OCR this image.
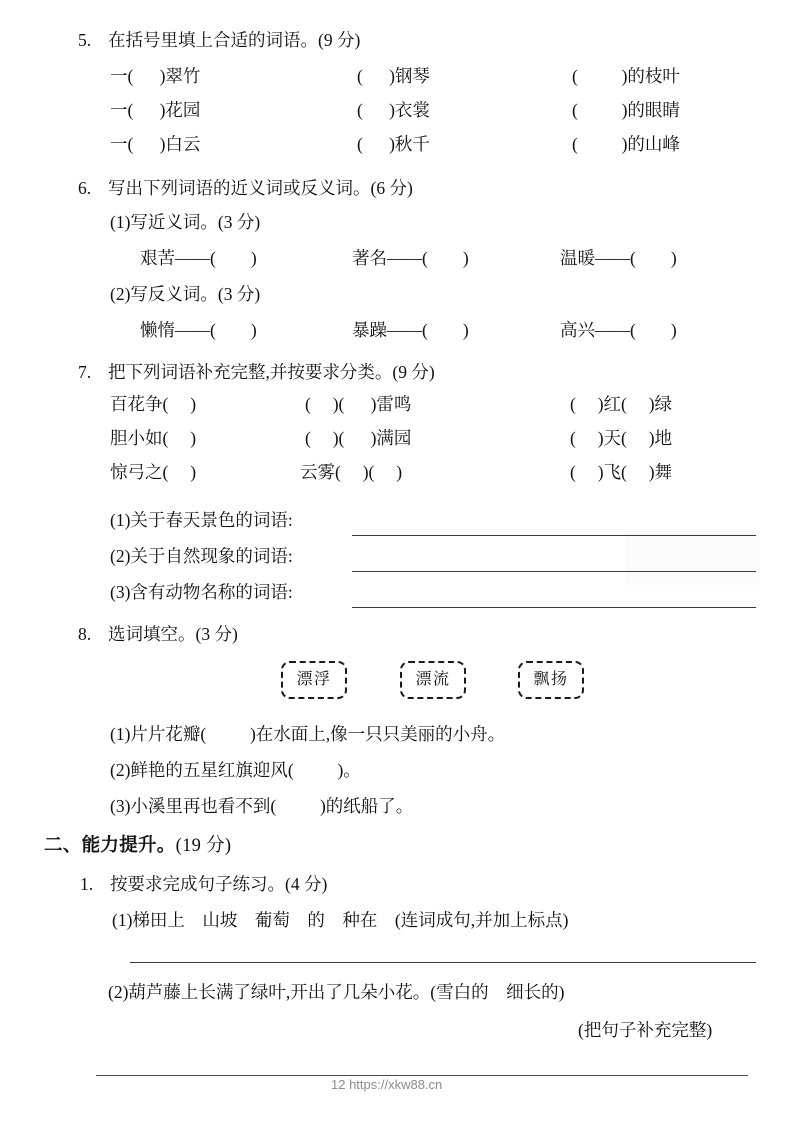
5. 在括号里填上合适的词语。(9 分)
一(      )翠竹	(      )钢琴	(          )的枝叶
一(      )花园	(      )衣裳	(          )的眼睛
一(      )白云	(      )秋千	(          )的山峰
6. 写出下列词语的近义词或反义词。(6 分)
(1)写近义词。(3 分)
艰苦——(        )	著名——(        )	温暖——(        )
(2)写反义词。(3 分)
懒惰——(        )	暴躁——(        )	高兴——(        )
7. 把下列词语补充完整,并按要求分类。(9 分)
百花争(     )	(     )(      )雷鸣	(     )红(     )绿
胆小如(     )	(     )(      )满园	(     )天(     )地
惊弓之(     )	云雾(     )(     )	(     )飞(     )舞
(1)关于春天景色的词语:
(2)关于自然现象的词语:
(3)含有动物名称的词语:
8. 选词填空。(3 分)
漂浮	漂流	飘扬
(1)片片花瓣(          )在水面上,像一只只美丽的小舟。
(2)鲜艳的五星红旗迎风(          )。
(3)小溪里再也看不到(          )的纸船了。
二、能力提升。(19 分)
1. 按要求完成句子练习。(4 分)
(1)梯田上　山坡　葡萄　的　种在　(连词成句,并加上标点)
(2)葫芦藤上长满了绿叶,开出了几朵小花。(雪白的　细长的)
(把句子补充完整)
12 https://xkw88.cn
